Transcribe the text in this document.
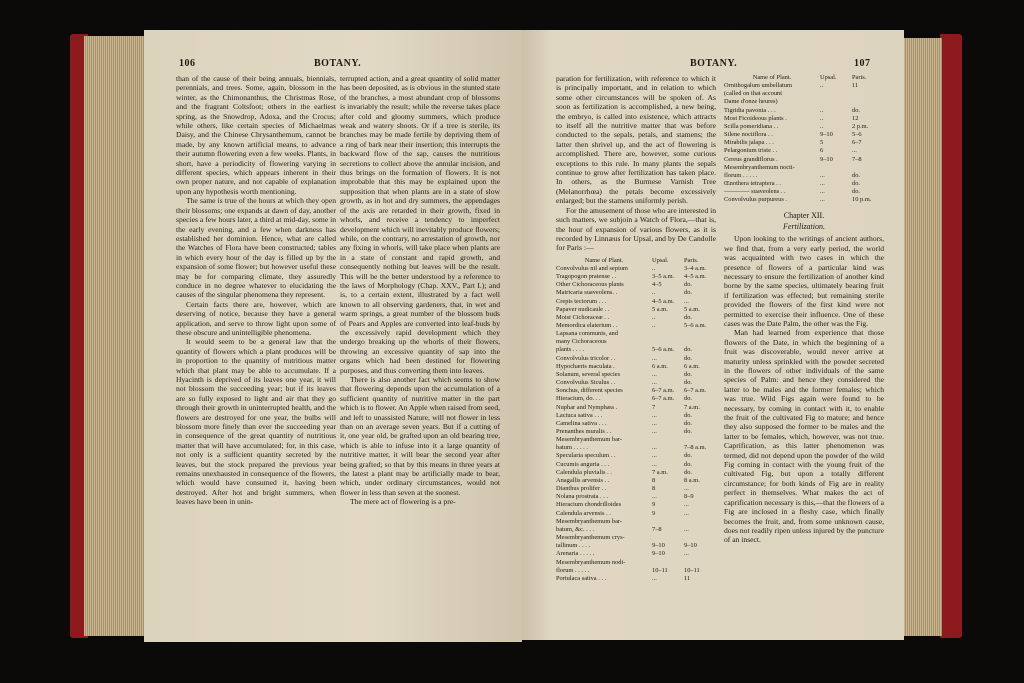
106	BOTANY.

than of the cause of their being annuals, biennials, perennials, and trees. Some, again, blossom in the winter, as the Chimonanthus, the Christmas Rose, and the fragrant Coltsfoot; others in the earliest spring, as the Snowdrop, Adoxa, and the Crocus; while others, like certain species of Michaelmas Daisy, and the Chinese Chrysanthemum, cannot be made, by any known artificial means, to advance their autumn flowering even a few weeks. Plants, in short, have a periodicity of flowering varying in different species, which appears inherent in their own proper nature, and not capable of explanation upon any hypothesis worth mentioning.

The same is true of the hours at which they open their blossoms; one expands at dawn of day, another species a few hours later, a third at mid-day, some in the early evening, and a few when darkness has established her dominion. Hence, what are called the Watches of Flora have been constructed; tables in which every hour of the day is filled up by the expansion of some flower; but however useful these may be for comparing climate, they assuredly conduce in no degree whatever to elucidating the causes of the singular phenomena they represent.

Certain facts there are, however, which are deserving of notice, because they have a general application, and serve to throw light upon some of these obscure and unintelligible phenomena.

It would seem to be a general law that the quantity of flowers which a plant produces will be in proportion to the quantity of nutritious matter which that plant may be able to accumulate. If a Hyacinth is deprived of its leaves one year, it will not blossom the succeeding year; but if its leaves are so fully exposed to light and air that they go through their growth in uninterrupted health, and the flowers are destroyed for one year, the bulbs will blossom more finely than ever the succeeding year in consequence of the great quantity of nutritious matter that will have accumulated; for, in this case, not only is a sufficient quantity secreted by the leaves, but the stock prepared the previous year remains unexhausted in consequence of the flowers, which would have consumed it, having been destroyed. After hot and bright summers, when leaves have been in unin-

terrupted action, and a great quantity of solid matter has been deposited, as is obvious in the stunted state of the branches, a most abundant crop of blossoms is invariably the result; while the reverse takes place after cold and gloomy summers, which produce weak and watery shoots. Or if a tree is sterile, its branches may be made fertile by depriving them of a ring of bark near their insertion; this interrupts the backward flow of the sap, causes the nutritious secretions to collect above the annular incision, and thus brings on the formation of flowers. It is not improbable that this may be explained upon the supposition that when plants are in a state of slow growth, as in hot and dry summers, the appendages of the axis are retarded in their growth, fixed in whorls, and receive a tendency to imperfect development which will inevitably produce flowers; while, on the contrary, no arrestation of growth, nor any fixing in whorls, will take place when plants are in a state of constant and rapid growth, and consequently nothing but leaves will be the result. This will be the better understood by a reference to the laws of Morphology (Chap. XXV., Part I.); and is, to a certain extent, illustrated by a fact well known to all observing gardeners, that, in wet and warm springs, a great number of the blossom buds of Pears and Apples are converted into leaf-buds by the excessively rapid development which they undergo breaking up the whorls of their flowers, throwing an excessive quantity of sap into the organs which had been destined for flowering purposes, and thus converting them into leaves.

There is also another fact which seems to show that flowering depends upon the accumulation of a sufficient quantity of nutritive matter in the part which is to flower. An Apple when raised from seed, and left to unassisted Nature, will not flower in less than on an average seven years. But if a cutting of it, one year old, be grafted upon an old bearing tree, which is able to infuse into it a large quantity of nutritive matter, it will bear the second year after being grafted; so that by this means in three years at the latest a plant may be artificially made to bear, which, under ordinary circumstances, would not flower in less than seven at the soonest.

The mere act of flowering is a pre-

BOTANY.	107

paration for fertilization, with reference to which it is principally important, and in relation to which some other circumstances will be spoken of. As soon as fertilization is accomplished, a new being, the embryo, is called into existence, which attracts to itself all the nutritive matter that was before conducted to the sepals, petals, and stamens; the latter then shrivel up, and the act of flowering is accomplished. There are, however, some curious exceptions to this rule. In many plants the sepals continue to grow after fertilization has taken place. In others, as the Burmese Varnish Tree (Melanorrhœa) the petals become excessively enlarged; but the stamens uniformly perish.

For the amusement of those who are interested in such matters, we subjoin a Watch of Flora,—that is, the hour of expansion of various flowers, as it is recorded by Linnæus for Upsal, and by De Candolle for Paris :—

Name of Plant.	Upsal.	Paris.
Convolvulus nil and sepium	..	3–4 a.m.
Tragopogon pratense . .	3–5 a.m.	4–5 a.m.
Other Cichoraceous plants	4–5	do.
Matricaria suaveolens. .	..	do.
Crepis tectorum . . .	4–5 a.m.	...
Papaver nudicaule . .	5 a.m.	5 a.m.
Moist Cichoraceæ . .	..	do.
Memordica elaterium . .	..	5–6 a.m.
Lapsana communis, and		
many Cichoraceous		
plants . . . .	5–6 a.m.	do.
Convolvulus tricolor . .	...	do.
Hypochæris maculata .	6 a.m.	6 a.m.
Solanum, several species	...	do.
Convolvulus Siculus . .	...	do.
Sonchus, different species	6–7 a.m.	6–7 a.m.
Hieracium, do. . .	6–7 a.m.	do.
Nuphar and Nymphæa .	7	7 a.m.
Lactuca sativa . . .	...	do.
Camelina sativa . . .	...	do.
Prenanthes muralis . .	...	do.
Mesembryanthemum bar-		
batum . . . . .	...	7–8 a.m.
Specularia speculum . .	...	do.
Cucumis anguria . . .	...	do.
Calendula pluvialis . .	7 a.m.	do.
Anagallis arvensis . .	8	8 a.m.
Dianthus prolifer . .	8	...
Nolana prostrata . . .	...	8–9
Hieracium chondrilloides	9	...
Calendula arvensis . .	9	...
Mesembryanthemum bar-		
batum, &c. . . .	7–8	...
Mesembryanthemum crys-		
tallinum . . . .	9–10	9–10
Arenaria . . . . .	9–10	...
Mesembryanthemum nodi-		
florum . . . . .	10–11	10–11
Portulaca sativa . . .	...	11
Name of Plant.	Upsal.	Paris.
Ornithogalum umbellatum	..	11
(called on that account		
Dame d'onze heures)		
Tigridia pavonia . . .	..	do.
Most Ficoideous plants .	..	12
Scilla pomeridiana . .	..	2 p.m.
Silene noctiflora . .	9–10	5–6
Mirabilis jalapa . . .	5	6–7
Pelargonium triste . .	6	...
Cereus grandiflorus .	9–10	7–8
Mesembryanthemum nocti-		
florum . . . . .	...	do.
Œnothera tetraptera . .	...	do.
———— suaveolens . .	...	do.
Convolvulus purpureus .	...	10 p.m.
Chapter XII.
Fertilization.

Upon looking to the writings of ancient authors, we find that, from a very early period, the world was acquainted with two cases in which the presence of flowers of a particular kind was necessary to ensure the fertilization of another kind borne by the same species, ultimately bearing fruit if fertilization was effected; but remaining sterile provided the flowers of the first kind were not permitted to exercise their influence. One of these cases was the Date Palm, the other was the Fig.

Man had learned from experience that those flowers of the Date, in which the beginning of a fruit was discoverable, would never arrive at maturity unless sprinkled with the powder secreted in the flowers of other individuals of the same species of Palm: and hence they considered the latter to be males and the former females; which was true. Wild Figs again were found to be necessary, by coming in contact with it, to enable the fruit of the cultivated Fig to mature; and hence they also supposed the former to be males and the latter to be females, which, however, was not true. Caprification, as this latter phenomenon was termed, did not depend upon the powder of the wild Fig coming in contact with the young fruit of the cultivated Fig, but upon a totally different circumstance; for both kinds of Fig are in reality perfect in themselves. What makes the act of caprification necessary is this,—that the flowers of a Fig are inclosed in a fleshy case, which finally becomes the fruit, and, from some unknown cause, does not readily ripen unless injured by the puncture of an insect.
